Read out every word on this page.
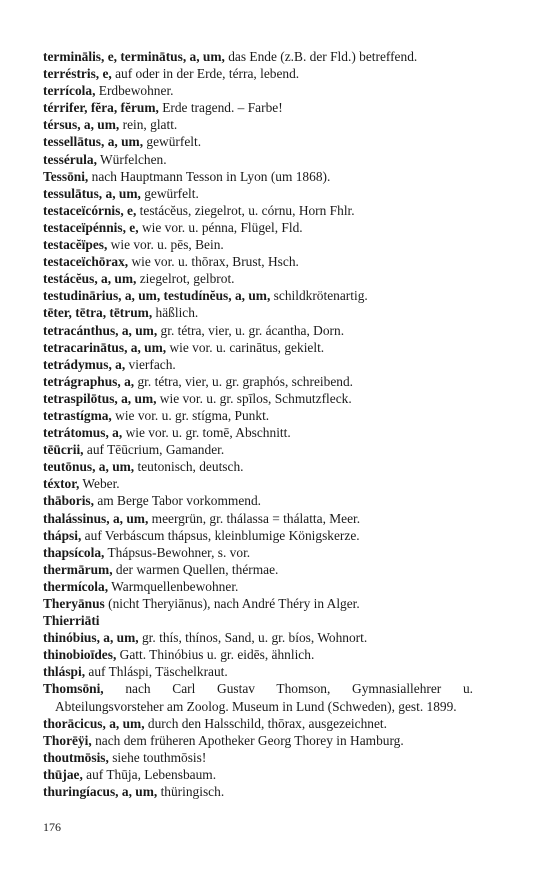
terminālis, e, terminātus, a, um, das Ende (z.B. der Fld.) betreffend.
terréstris, e, auf oder in der Erde, térra, lebend.
terrícola, Erdbewohner.
térrifer, fĕra, fĕrum, Erde tragend. – Farbe!
térsus, a, um, rein, glatt.
tessellātus, a, um, gewürfelt.
tessérula, Würfelchen.
Tessōni, nach Hauptmann Tesson in Lyon (um 1868).
tessulātus, a, um, gewürfelt.
testaceïcórnis, e, testácĕus, ziegelrot, u. córnu, Horn Fhlr.
testaceïpénnis, e, wie vor. u. pénna, Flügel, Fld.
testacĕïpes, wie vor. u. pēs, Bein.
testaceïchōrax, wie vor. u. thōrax, Brust, Hsch.
testácĕus, a, um, ziegelrot, gelbrot.
testudinārius, a, um, testudínĕus, a, um, schildkrötenartig.
tēter, tētra, tētrum, häßlich.
tetracánthus, a, um, gr. tétra, vier, u. gr. ácantha, Dorn.
tetracarinātus, a, um, wie vor. u. carinātus, gekielt.
tetrádymus, a, vierfach.
tetrágraphus, a, gr. tétra, vier, u. gr. graphós, schreibend.
tetraspilōtus, a, um, wie vor. u. gr. spīlos, Schmutzfleck.
tetrastígma, wie vor. u. gr. stígma, Punkt.
tetrátomus, a, wie vor. u. gr. tomē, Abschnitt.
tēūcrii, auf Tēūcrium, Gamander.
teutōnus, a, um, teutonisch, deutsch.
téxtor, Weber.
thāboris, am Berge Tabor vorkommend.
thalássinus, a, um, meergrün, gr. thálassa = thálatta, Meer.
thápsi, auf Verbáscum thápsus, kleinblumige Königskerze.
thapsícola, Thápsus-Bewohner, s. vor.
thermārum, der warmen Quellen, thérmae.
thermícola, Warmquellenbewohner.
Theryānus (nicht Theryiānus), nach André Théry in Alger.
Thierriāti
thinóbius, a, um, gr. thís, thínos, Sand, u. gr. bíos, Wohnort.
thinobioīdes, Gatt. Thinóbius u. gr. eidēs, ähnlich.
thláspi, auf Thláspi, Täschelkraut.
Thomsōni, nach Carl Gustav Thomson, Gymnasiallehrer u. Abteilungsvorsteher am Zoolog. Museum in Lund (Schweden), gest. 1899.
thorācicus, a, um, durch den Halsschild, thōrax, ausgezeichnet.
Thorēÿi, nach dem früheren Apotheker Georg Thorey in Hamburg.
thoutmōsis, siehe touthmōsis!
thūjae, auf Thūja, Lebensbaum.
thuringíacus, a, um, thüringisch.
176
